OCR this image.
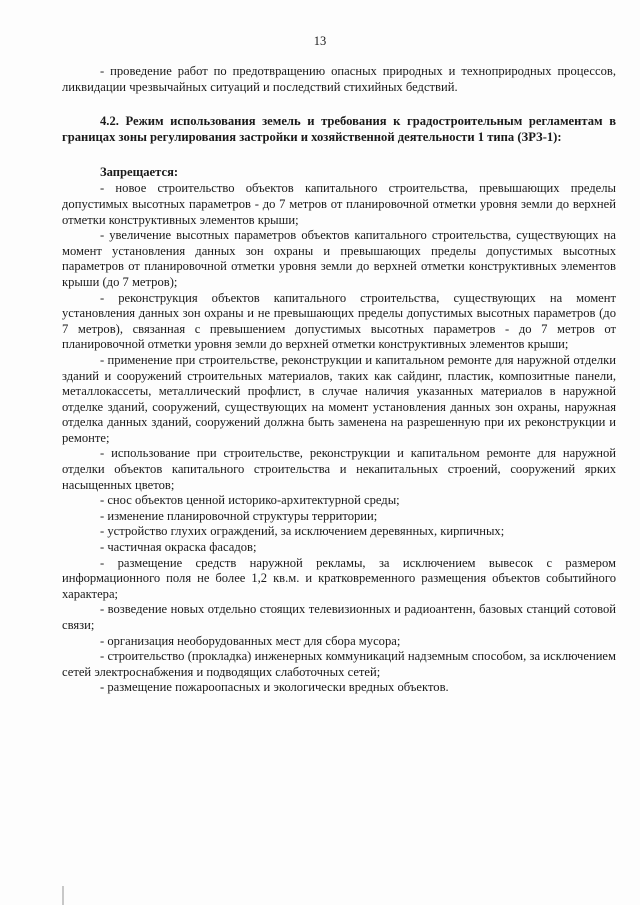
13

- проведение работ по предотвращению опасных природных и техноприродных процессов, ликвидации чрезвычайных ситуаций и последствий стихийных бедствий.

4.2. Режим использования земель и требования к градостроительным регламентам в границах зоны регулирования застройки и хозяйственной деятельности 1 типа (ЗРЗ-1):

Запрещается:

- новое строительство объектов капитального строительства, превышающих пределы допустимых высотных параметров - до 7 метров от планировочной отметки уровня земли до верхней отметки конструктивных элементов крыши;

- увеличение высотных параметров объектов капитального строительства, существующих на момент установления данных зон охраны и превышающих пределы допустимых высотных параметров от планировочной отметки уровня земли до верхней отметки конструктивных элементов крыши (до 7 метров);

- реконструкция объектов капитального строительства, существующих на момент установления данных зон охраны и не превышающих пределы допустимых высотных параметров (до 7 метров), связанная с превышением допустимых высотных параметров - до 7 метров от планировочной отметки уровня земли до верхней отметки конструктивных элементов крыши;

- применение при строительстве, реконструкции и капитальном ремонте для наружной отделки зданий и сооружений строительных материалов, таких как сайдинг, пластик, композитные панели, металлокассеты, металлический профлист, в случае наличия указанных материалов в наружной отделке зданий, сооружений, существующих на момент установления данных зон охраны, наружная отделка данных зданий, сооружений должна быть заменена на разрешенную при их реконструкции и ремонте;

- использование при строительстве, реконструкции и капитальном ремонте для наружной отделки объектов капитального строительства и некапитальных строений, сооружений ярких насыщенных цветов;

- снос объектов ценной историко-архитектурной среды;

- изменение планировочной структуры территории;

- устройство глухих ограждений, за исключением деревянных, кирпичных;

- частичная окраска фасадов;

- размещение средств наружной рекламы, за исключением вывесок с размером информационного поля не более 1,2 кв.м. и кратковременного размещения объектов событийного характера;

- возведение новых отдельно стоящих телевизионных и радиоантенн, базовых станций сотовой связи;

- организация необорудованных мест для сбора мусора;

- строительство (прокладка) инженерных коммуникаций надземным способом, за исключением сетей электроснабжения и подводящих слаботочных сетей;

- размещение пожароопасных и экологически вредных объектов.
